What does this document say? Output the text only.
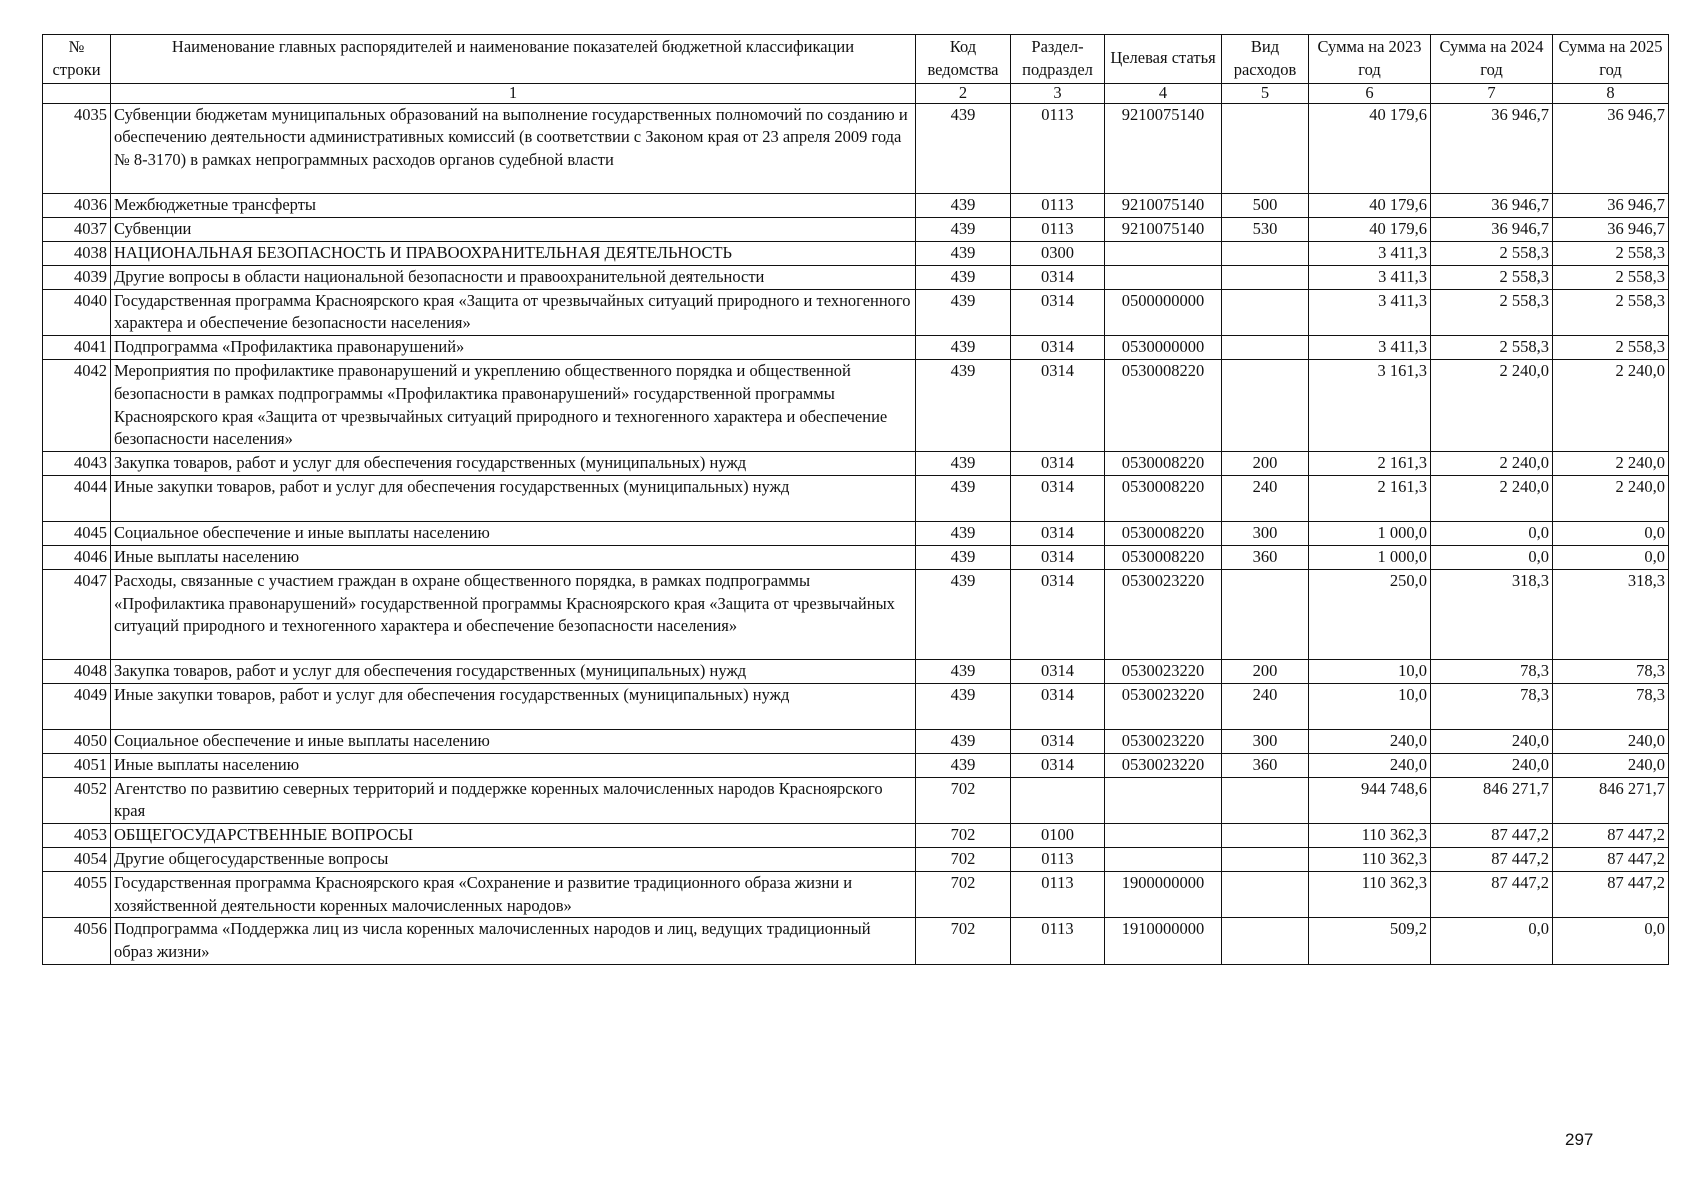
№ строки	Наименование главных распорядителей и наименование показателей бюджетной классификации	Код ведомства	Раздел-подраздел	Целевая статья	Вид расходов	Сумма на 2023 год	Сумма на 2024 год	Сумма на 2025 год
	1	2	3	4	5	6	7	8
4035	Субвенции бюджетам муниципальных образований на выполнение государственных полномочий по созданию и обеспечению деятельности административных комиссий (в соответствии с Законом края от 23 апреля 2009 года № 8-3170) в рамках непрограммных расходов органов судебной власти	439	0113	9210075140		40 179,6	36 946,7	36 946,7
4036	Межбюджетные трансферты	439	0113	9210075140	500	40 179,6	36 946,7	36 946,7
4037	Субвенции	439	0113	9210075140	530	40 179,6	36 946,7	36 946,7
4038	НАЦИОНАЛЬНАЯ БЕЗОПАСНОСТЬ И ПРАВООХРАНИТЕЛЬНАЯ ДЕЯТЕЛЬНОСТЬ	439	0300			3 411,3	2 558,3	2 558,3
4039	Другие вопросы в области национальной безопасности и правоохранительной деятельности	439	0314			3 411,3	2 558,3	2 558,3
4040	Государственная программа Красноярского края «Защита от чрезвычайных ситуаций природного и техногенного характера и обеспечение безопасности населения»	439	0314	0500000000		3 411,3	2 558,3	2 558,3
4041	Подпрограмма «Профилактика правонарушений»	439	0314	0530000000		3 411,3	2 558,3	2 558,3
4042	Мероприятия по профилактике правонарушений и укреплению общественного порядка и общественной безопасности в рамках подпрограммы «Профилактика правонарушений» государственной программы Красноярского края «Защита от чрезвычайных ситуаций природного и техногенного характера и обеспечение безопасности населения»	439	0314	0530008220		3 161,3	2 240,0	2 240,0
4043	Закупка товаров, работ и услуг для обеспечения государственных (муниципальных) нужд	439	0314	0530008220	200	2 161,3	2 240,0	2 240,0
4044	Иные закупки товаров, работ и услуг для обеспечения государственных (муниципальных) нужд	439	0314	0530008220	240	2 161,3	2 240,0	2 240,0
4045	Социальное обеспечение и иные выплаты населению	439	0314	0530008220	300	1 000,0	0,0	0,0
4046	Иные выплаты населению	439	0314	0530008220	360	1 000,0	0,0	0,0
4047	Расходы, связанные с участием граждан в охране общественного порядка, в рамках подпрограммы «Профилактика правонарушений» государственной программы Красноярского края «Защита от чрезвычайных ситуаций природного и техногенного характера и обеспечение безопасности населения»	439	0314	0530023220		250,0	318,3	318,3
4048	Закупка товаров, работ и услуг для обеспечения государственных (муниципальных) нужд	439	0314	0530023220	200	10,0	78,3	78,3
4049	Иные закупки товаров, работ и услуг для обеспечения государственных (муниципальных) нужд	439	0314	0530023220	240	10,0	78,3	78,3
4050	Социальное обеспечение и иные выплаты населению	439	0314	0530023220	300	240,0	240,0	240,0
4051	Иные выплаты населению	439	0314	0530023220	360	240,0	240,0	240,0
4052	Агентство по развитию северных территорий и поддержке коренных малочисленных народов Красноярского края	702				944 748,6	846 271,7	846 271,7
4053	ОБЩЕГОСУДАРСТВЕННЫЕ ВОПРОСЫ	702	0100			110 362,3	87 447,2	87 447,2
4054	Другие общегосударственные вопросы	702	0113			110 362,3	87 447,2	87 447,2
4055	Государственная программа Красноярского края «Сохранение и развитие традиционного образа жизни и хозяйственной деятельности коренных малочисленных народов»	702	0113	1900000000		110 362,3	87 447,2	87 447,2
4056	Подпрограмма «Поддержка лиц из числа коренных малочисленных народов и лиц, ведущих традиционный образ жизни»	702	0113	1910000000		509,2	0,0	0,0
297
